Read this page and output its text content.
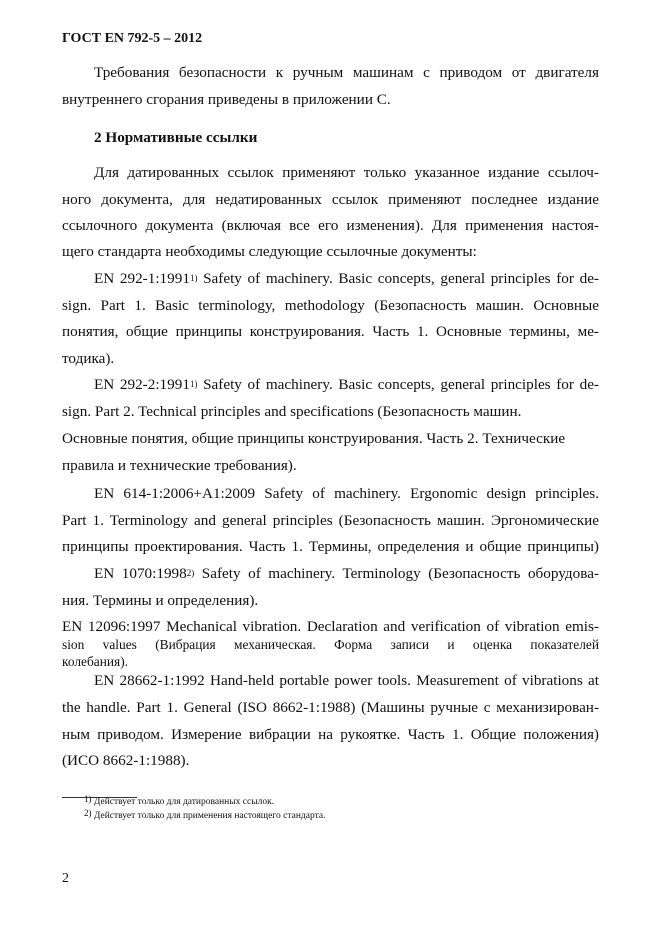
ГОСТ EN 792-5 – 2012
Требования безопасности к ручным машинам с приводом от двигателя
внутреннего сгорания приведены в приложении С.
2 Нормативные ссылки
Для датированных ссылок применяют только указанное издание ссылоч-
ного документа, для недатированных ссылок применяют последнее издание
ссылочного документа (включая все его изменения). Для применения настоя-
щего стандарта необходимы следующие ссылочные документы:
EN 292-1:1991$^{1)}$ Safety of machinery. Basic concepts, general principles for de-
sign. Part 1. Basic terminology, methodology (Безопасность машин. Основные
понятия, общие принципы конструирования. Часть 1. Основные термины, ме-
тодика).
EN 292-2:1991$^{1)}$ Safety of machinery. Basic concepts, general principles for de-
sign. Part 2. Technical principles and specifications (Безопасность машин.
Основные понятия, общие принципы конструирования. Часть 2. Технические
правила и технические требования).
EN 614-1:2006+A1:2009 Safety of machinery. Ergonomic design principles.
Part 1. Terminology and general principles (Безопасность машин. Эргономические
принципы проектирования. Часть 1. Термины, определения и общие принципы)
EN 1070:1998$^{2)}$ Safety of machinery. Terminology (Безопасность оборудова-
ния. Термины и определения).
EN 12096:1997 Mechanical vibration. Declaration and verification of vibration emis-
sion values (Вибрация механическая. Форма записи и оценка показателей
колебания).
EN 28662-1:1992 Hand-held portable power tools. Measurement of vibrations at
the handle. Part 1. General (ISO 8662-1:1988) (Машины ручные с механизирован-
ным приводом. Измерение вибрации на рукоятке. Часть 1. Общие положения)
(ИСО 8662-1:1988).
$^{1)}$ Действует только для датированных ссылок.
$^{2)}$ Действует только для применения настоящего стандарта.
2
